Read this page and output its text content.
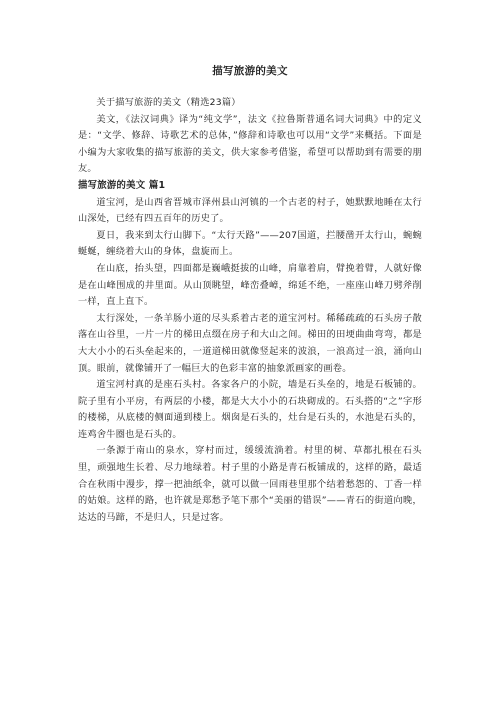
描写旅游的美文

关于描写旅游的美文（精选23篇）

美文，《法汉词典》译为“纯文学”，法文《拉鲁斯普通名词大词典》中的定义是：“文学、修辞、诗歌艺术的总体，”修辞和诗歌也可以用“文学”来概括。下面是小编为大家收集的描写旅游的美文，供大家参考借鉴，希望可以帮助到有需要的朋友。

描写旅游的美文 篇1

道宝河，是山西省晋城市泽州县山河镇的一个古老的村子，她默默地睡在太行山深处，已经有四五百年的历史了。

夏日，我来到太行山脚下。“太行天路”——207国道，拦腰凿开太行山，蜿蜿蜒蜒，缠绕着大山的身体，盘旋而上。

在山底，抬头望，四面都是巍峨挺拔的山峰，肩靠着肩，臂挽着臂，人就好像是在山峰围成的井里面。从山顶眺望，峰峦叠嶂，绵延不绝，一座座山峰刀劈斧削一样，直上直下。

太行深处，一条羊肠小道的尽头系着古老的道宝河村。稀稀疏疏的石头房子散落在山谷里，一片一片的梯田点缀在房子和大山之间。梯田的田埂曲曲弯弯，都是大大小小的石头垒起来的，一道道梯田就像竖起来的波浪，一浪高过一浪，涌向山顶。眼前，就像铺开了一幅巨大的色彩丰富的抽象派画家的画卷。

道宝河村真的是座石头村。各家各户的小院，墙是石头垒的，地是石板铺的。院子里有小平房，有两层的小楼，都是大大小小的石块砌成的。石头搭的“之”字形的楼梯，从底楼的侧面通到楼上。烟囱是石头的，灶台是石头的，水池是石头的，连鸡舍牛圈也是石头的。

一条源于南山的泉水，穿村而过，缓缓流淌着。村里的树、草都扎根在石头里，顽强地生长着、尽力地绿着。村子里的小路是青石板铺成的，这样的路，最适合在秋雨中漫步，撑一把油纸伞，就可以做一回雨巷里那个结着愁怨的、丁香一样的姑娘。这样的路，也许就是郑愁予笔下那个“美丽的错误”——青石的街道向晚，达达的马蹄，不是归人，只是过客。
